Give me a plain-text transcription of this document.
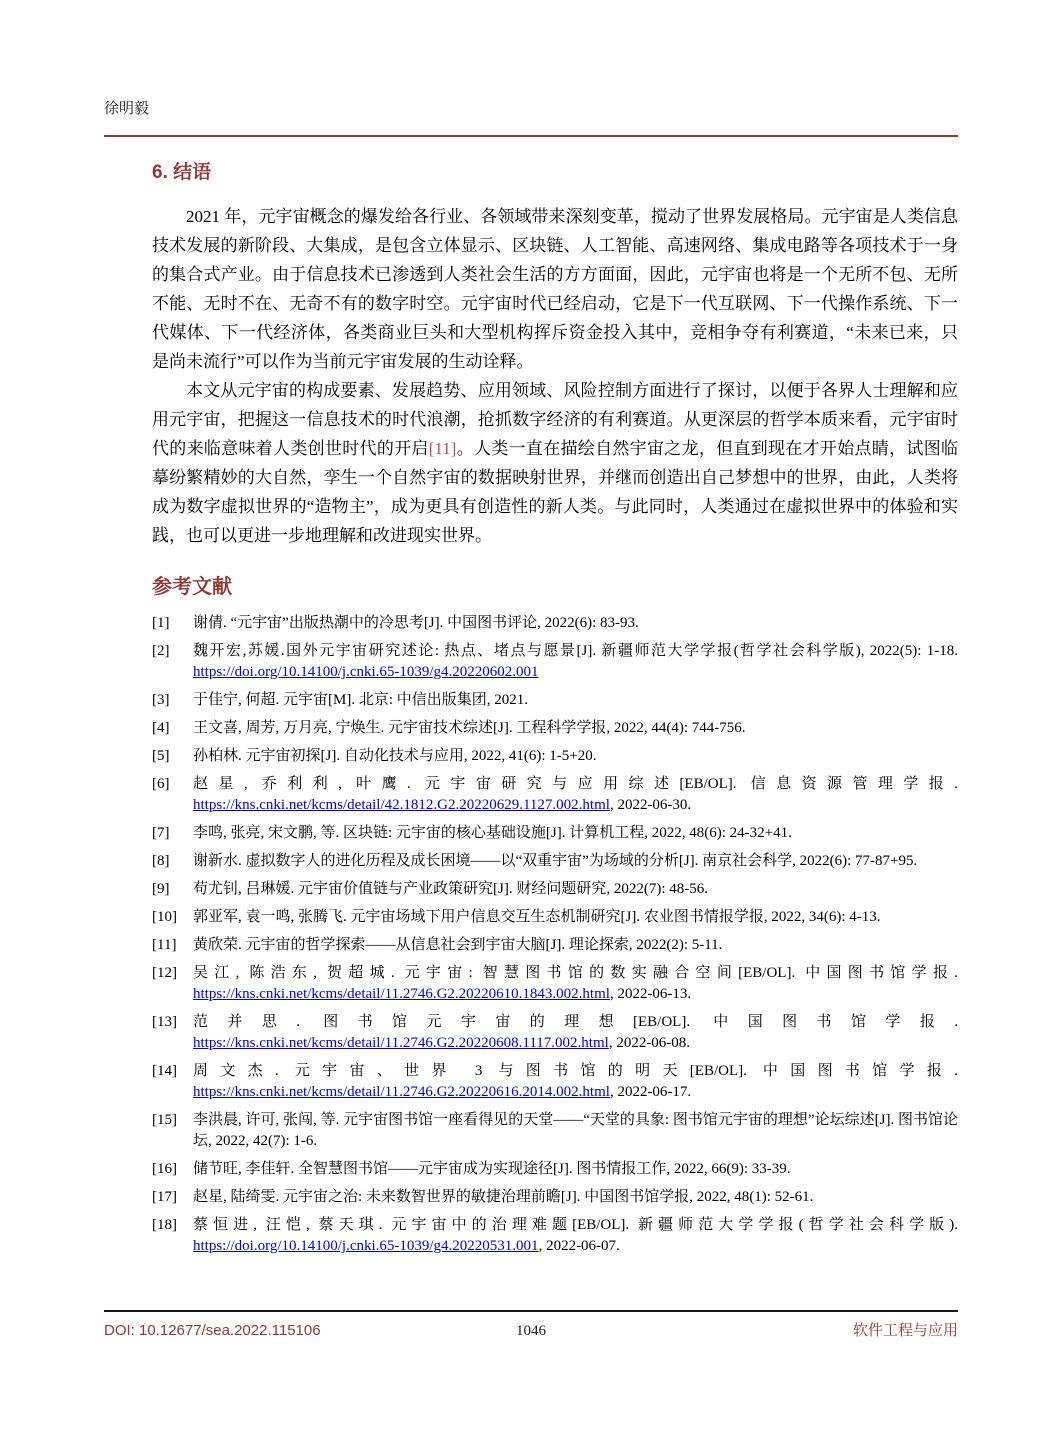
徐明毅
6. 结语

2021 年，元宇宙概念的爆发给各行业、各领域带来深刻变革，搅动了世界发展格局。元宇宙是人类信息技术发展的新阶段、大集成，是包含立体显示、区块链、人工智能、高速网络、集成电路等各项技术于一身的集合式产业。由于信息技术已渗透到人类社会生活的方方面面，因此，元宇宙也将是一个无所不包、无所不能、无时不在、无奇不有的数字时空。元宇宙时代已经启动，它是下一代互联网、下一代操作系统、下一代媒体、下一代经济体，各类商业巨头和大型机构挥斥资金投入其中，竞相争夺有利赛道，“未来已来，只是尚未流行”可以作为当前元宇宙发展的生动诠释。

本文从元宇宙的构成要素、发展趋势、应用领域、风险控制方面进行了探讨，以便于各界人士理解和应用元宇宙，把握这一信息技术的时代浪潮，抢抓数字经济的有利赛道。从更深层的哲学本质来看，元宇宙时代的来临意味着人类创世时代的开启[11]。人类一直在描绘自然宇宙之龙，但直到现在才开始点睛，试图临摹纷繁精妙的大自然，孪生一个自然宇宙的数据映射世界，并继而创造出自己梦想中的世界，由此，人类将成为数字虚拟世界的“造物主”，成为更具有创造性的新人类。与此同时，人类通过在虚拟世界中的体验和实践，也可以更进一步地理解和改进现实世界。

参考文献
[1]	谢倩. “元宇宙”出版热潮中的冷思考[J]. 中国图书评论, 2022(6): 83-93.
[2]	魏开宏,苏媛.国外元宇宙研究述论: 热点、堵点与愿景[J]. 新疆师范大学学报(哲学社会科学版), 2022(5): 1-18. https://doi.org/10.14100/j.cnki.65-1039/g4.20220602.001
[3]	于佳宁, 何超. 元宇宙[M]. 北京: 中信出版集团, 2021.
[4]	王文喜, 周芳, 万月亮, 宁焕生. 元宇宙技术综述[J]. 工程科学学报, 2022, 44(4): 744-756.
[5]	孙柏林. 元宇宙初探[J]. 自动化技术与应用, 2022, 41(6): 1-5+20.
[6]	赵星, 乔利利, 叶鹰. 元宇宙研究与应用综述[EB/OL]. 信息资源管理学报. https://kns.cnki.net/kcms/detail/42.1812.G2.20220629.1127.002.html, 2022-06-30.
[7]	李鸣, 张亮, 宋文鹏, 等. 区块链: 元宇宙的核心基础设施[J]. 计算机工程, 2022, 48(6): 24-32+41.
[8]	谢新水. 虚拟数字人的进化历程及成长困境——以“双重宇宙”为场域的分析[J]. 南京社会科学, 2022(6): 77-87+95.
[9]	苟尤钊, 吕琳媛. 元宇宙价值链与产业政策研究[J]. 财经问题研究, 2022(7): 48-56.
[10]	郭亚军, 袁一鸣, 张腾飞. 元宇宙场域下用户信息交互生态机制研究[J]. 农业图书情报学报, 2022, 34(6): 4-13.
[11]	黄欣荣. 元宇宙的哲学探索——从信息社会到宇宙大脑[J]. 理论探索, 2022(2): 5-11.
[12]	吴江, 陈浩东, 贺超城. 元宇宙: 智慧图书馆的数实融合空间[EB/OL]. 中国图书馆学报. https://kns.cnki.net/kcms/detail/11.2746.G2.20220610.1843.002.html, 2022-06-13.
[13]	范并思. 图书馆元宇宙的理想[EB/OL]. 中国图书馆学报. https://kns.cnki.net/kcms/detail/11.2746.G2.20220608.1117.002.html, 2022-06-08.
[14]	周文杰. 元宇宙、世界 3 与图书馆的明天[EB/OL]. 中国图书馆学报. https://kns.cnki.net/kcms/detail/11.2746.G2.20220616.2014.002.html, 2022-06-17.
[15]	李洪晨, 许可, 张闯, 等. 元宇宙图书馆一座看得见的天堂——“天堂的具象: 图书馆元宇宙的理想”论坛综述[J]. 图书馆论坛, 2022, 42(7): 1-6.
[16]	储节旺, 李佳轩. 全智慧图书馆——元宇宙成为实现途径[J]. 图书情报工作, 2022, 66(9): 33-39.
[17]	赵星, 陆绮雯. 元宇宙之治: 未来数智世界的敏捷治理前瞻[J]. 中国图书馆学报, 2022, 48(1): 52-61.
[18]	蔡恒进, 汪恺, 蔡天琪. 元宇宙中的治理难题[EB/OL]. 新疆师范大学学报(哲学社会科学版). https://doi.org/10.14100/j.cnki.65-1039/g4.20220531.001, 2022-06-07.
DOI: 10.12677/sea.2022.115106	1046	软件工程与应用
